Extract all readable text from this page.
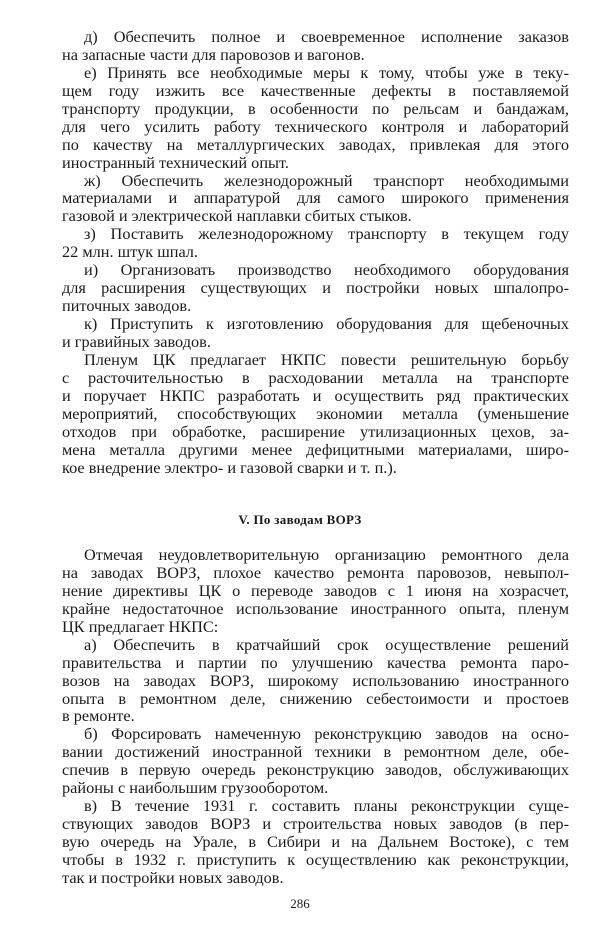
д) Обеспечить полное и своевременное исполнение заказов
на запасные части для паровозов и вагонов.
е) Принять все необходимые меры к тому, чтобы уже в теку-
щем году изжить все качественные дефекты в поставляемой
транспорту продукции, в особенности по рельсам и бандажам,
для чего усилить работу технического контроля и лабораторий
по качеству на металлургических заводах, привлекая для этого
иностранный технический опыт.
ж) Обеспечить железнодорожный транспорт необходимыми
материалами и аппаратурой для самого широкого применения
газовой и электрической наплавки сбитых стыков.
з) Поставить железнодорожному транспорту в текущем году
22 млн. штук шпал.
и) Организовать производство необходимого оборудования
для расширения существующих и постройки новых шпалопро-
питочных заводов.
к) Приступить к изготовлению оборудования для щебеночных
и гравийных заводов.
Пленум ЦК предлагает НКПС повести решительную борьбу
с расточительностью в расходовании металла на транспорте
и поручает НКПС разработать и осуществить ряд практических
мероприятий, способствующих экономии металла (уменьшение
отходов при обработке, расширение утилизационных цехов, за-
мена металла другими менее дефицитными материалами, широ-
кое внедрение электро- и газовой сварки и т. п.).
V. По заводам ВОРЗ
Отмечая неудовлетворительную организацию ремонтного дела
на заводах ВОРЗ, плохое качество ремонта паровозов, невыпол-
нение директивы ЦК о переводе заводов с 1 июня на хозрасчет,
крайне недостаточное использование иностранного опыта, пленум
ЦК предлагает НКПС:
а) Обеспечить в кратчайший срок осуществление решений
правительства и партии по улучшению качества ремонта паро-
возов на заводах ВОРЗ, широкому использованию иностранного
опыта в ремонтном деле, снижению себестоимости и простоев
в ремонте.
б) Форсировать намеченную реконструкцию заводов на осно-
вании достижений иностранной техники в ремонтном деле, обе-
спечив в первую очередь реконструкцию заводов, обслуживающих
районы с наибольшим грузооборотом.
в) В течение 1931 г. составить планы реконструкции суще-
ствующих заводов ВОРЗ и строительства новых заводов (в пер-
вую очередь на Урале, в Сибири и на Дальнем Востоке), с тем
чтобы в 1932 г. приступить к осуществлению как реконструкции,
так и постройки новых заводов.
286
